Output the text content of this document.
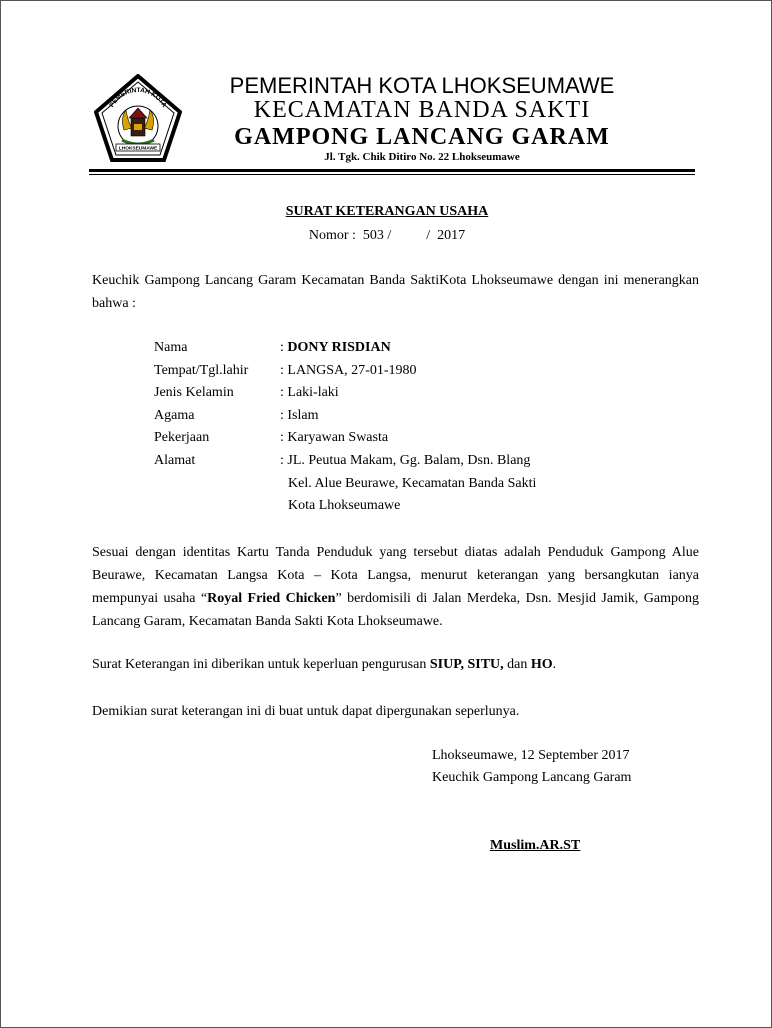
PEMERINTAH KOTA
LHOKSEUMAWE
PEMERINTAH KOTA LHOKSEUMAWE
KECAMATAN BANDA SAKTI
GAMPONG LANCANG GARAM
Jl. Tgk. Chik Ditiro No. 22 Lhokseumawe
SURAT KETERANGAN USAHA
Nomor :  503 /          /  2017
Keuchik Gampong Lancang Garam Kecamatan Banda SaktiKota Lhokseumawe dengan ini menerangkan bahwa :
Nama	: DONY RISDIAN
Tempat/Tgl.lahir : LANGSA, 27-01-1980
Jenis Kelamin	: Laki-laki
Agama	: Islam
Pekerjaan	: Karyawan Swasta
Alamat	: JL. Peutua Makam, Gg. Balam, Dsn. Blang
Kel. Alue Beurawe, Kecamatan Banda Sakti
Kota Lhokseumawe
Sesuai dengan identitas Kartu Tanda Penduduk yang tersebut diatas adalah Penduduk Gampong Alue Beurawe, Kecamatan Langsa Kota – Kota Langsa, menurut keterangan yang bersangkutan ianya mempunyai usaha “Royal Fried Chicken” berdomisili di Jalan Merdeka, Dsn. Mesjid Jamik, Gampong Lancang Garam, Kecamatan Banda Sakti Kota Lhokseumawe.
Surat Keterangan ini diberikan untuk keperluan pengurusan SIUP, SITU, dan HO.
Demikian surat keterangan ini di buat untuk dapat dipergunakan seperlunya.
Lhokseumawe, 12 September 2017
Keuchik Gampong Lancang Garam
Muslim.AR.ST
